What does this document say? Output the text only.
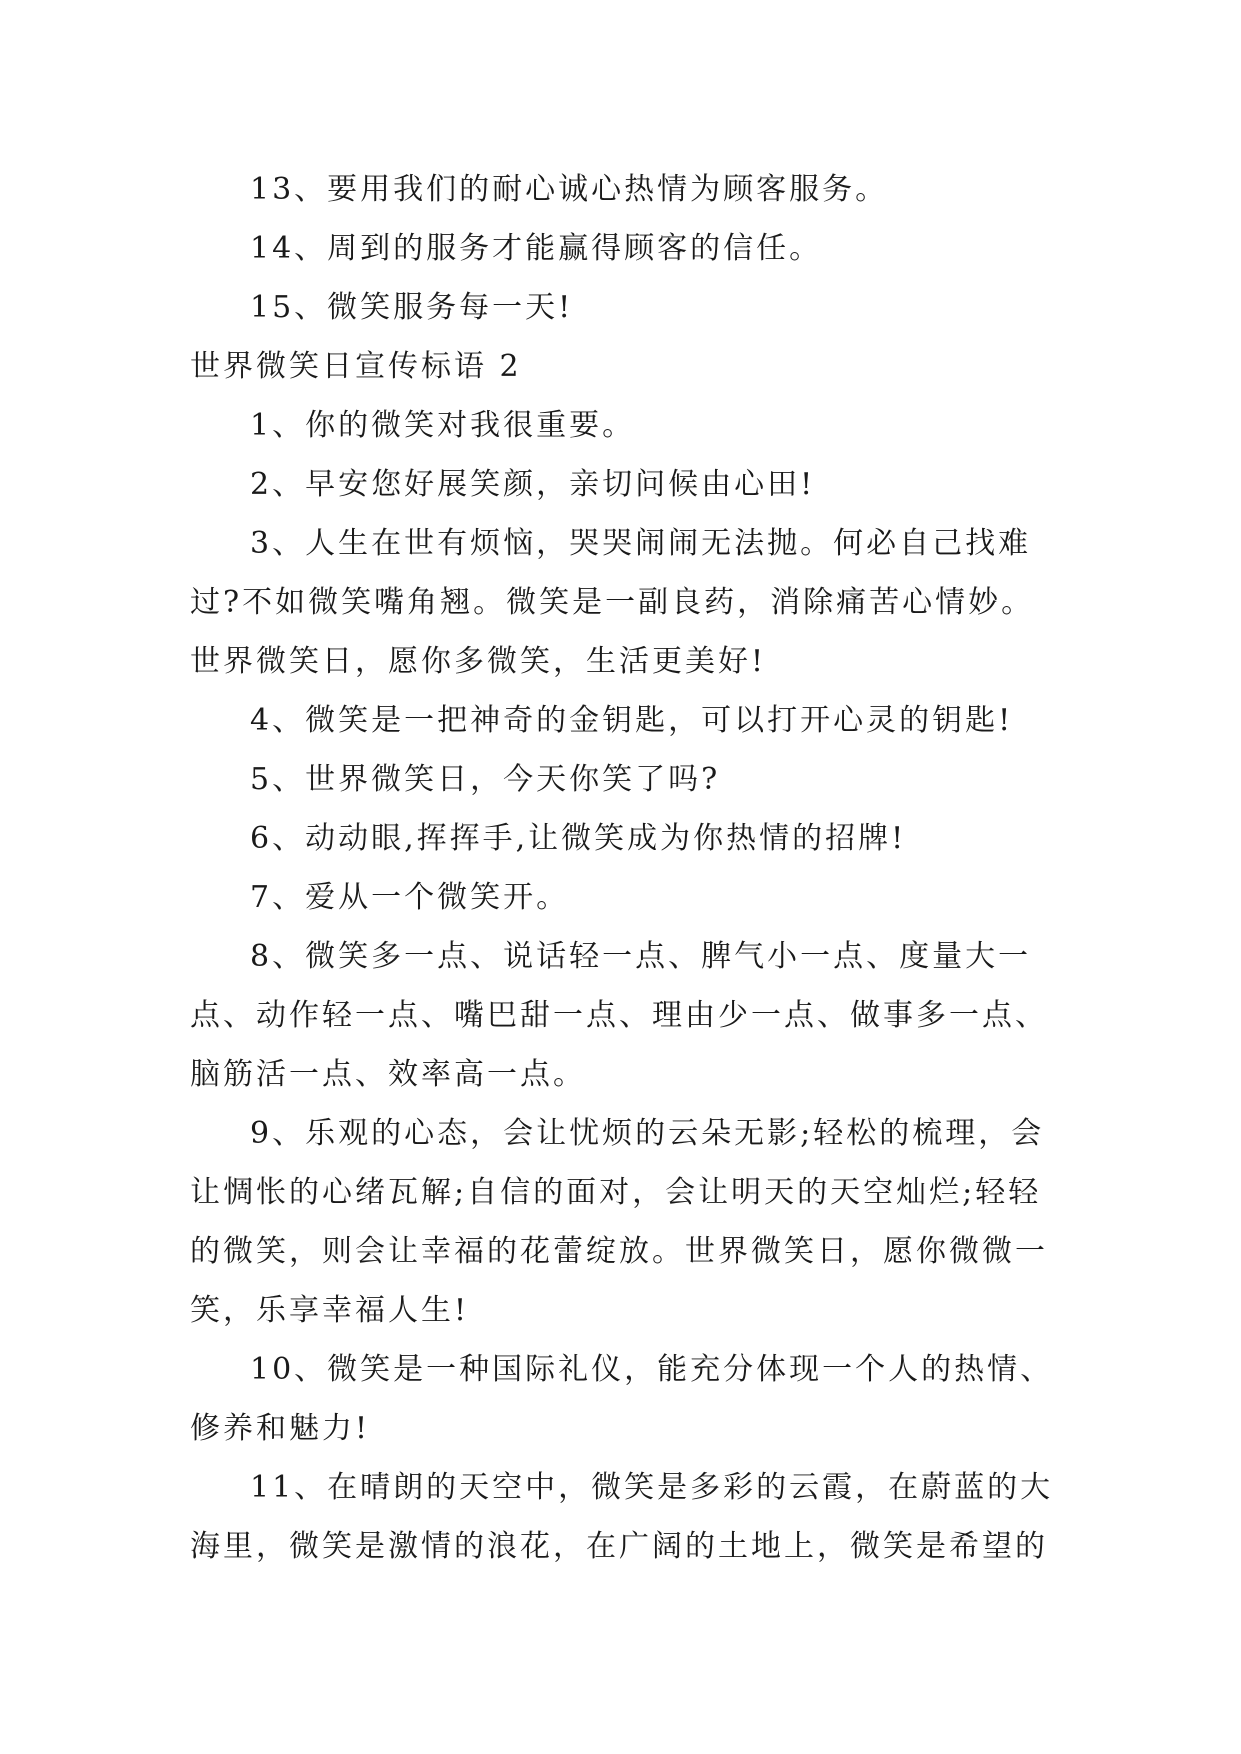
13、要用我们的耐心诚心热情为顾客服务。
14、周到的服务才能赢得顾客的信任。
15、微笑服务每一天!
世界微笑日宣传标语 2
1、你的微笑对我很重要。
2、早安您好展笑颜，亲切问候由心田!
3、人生在世有烦恼，哭哭闹闹无法抛。何必自己找难
过?不如微笑嘴角翘。微笑是一副良药，消除痛苦心情妙。
世界微笑日，愿你多微笑，生活更美好!
4、微笑是一把神奇的金钥匙，可以打开心灵的钥匙!
5、世界微笑日，今天你笑了吗?
6、动动眼,挥挥手,让微笑成为你热情的招牌!
7、爱从一个微笑开。
8、微笑多一点、说话轻一点、脾气小一点、度量大一
点、动作轻一点、嘴巴甜一点、理由少一点、做事多一点、
脑筋活一点、效率高一点。
9、乐观的心态，会让忧烦的云朵无影;轻松的梳理，会
让惆怅的心绪瓦解;自信的面对，会让明天的天空灿烂;轻轻
的微笑，则会让幸福的花蕾绽放。世界微笑日，愿你微微一
笑，乐享幸福人生!
10、微笑是一种国际礼仪，能充分体现一个人的热情、
修养和魅力!
11、在晴朗的天空中，微笑是多彩的云霞，在蔚蓝的大
海里，微笑是激情的浪花，在广阔的土地上，微笑是希望的
